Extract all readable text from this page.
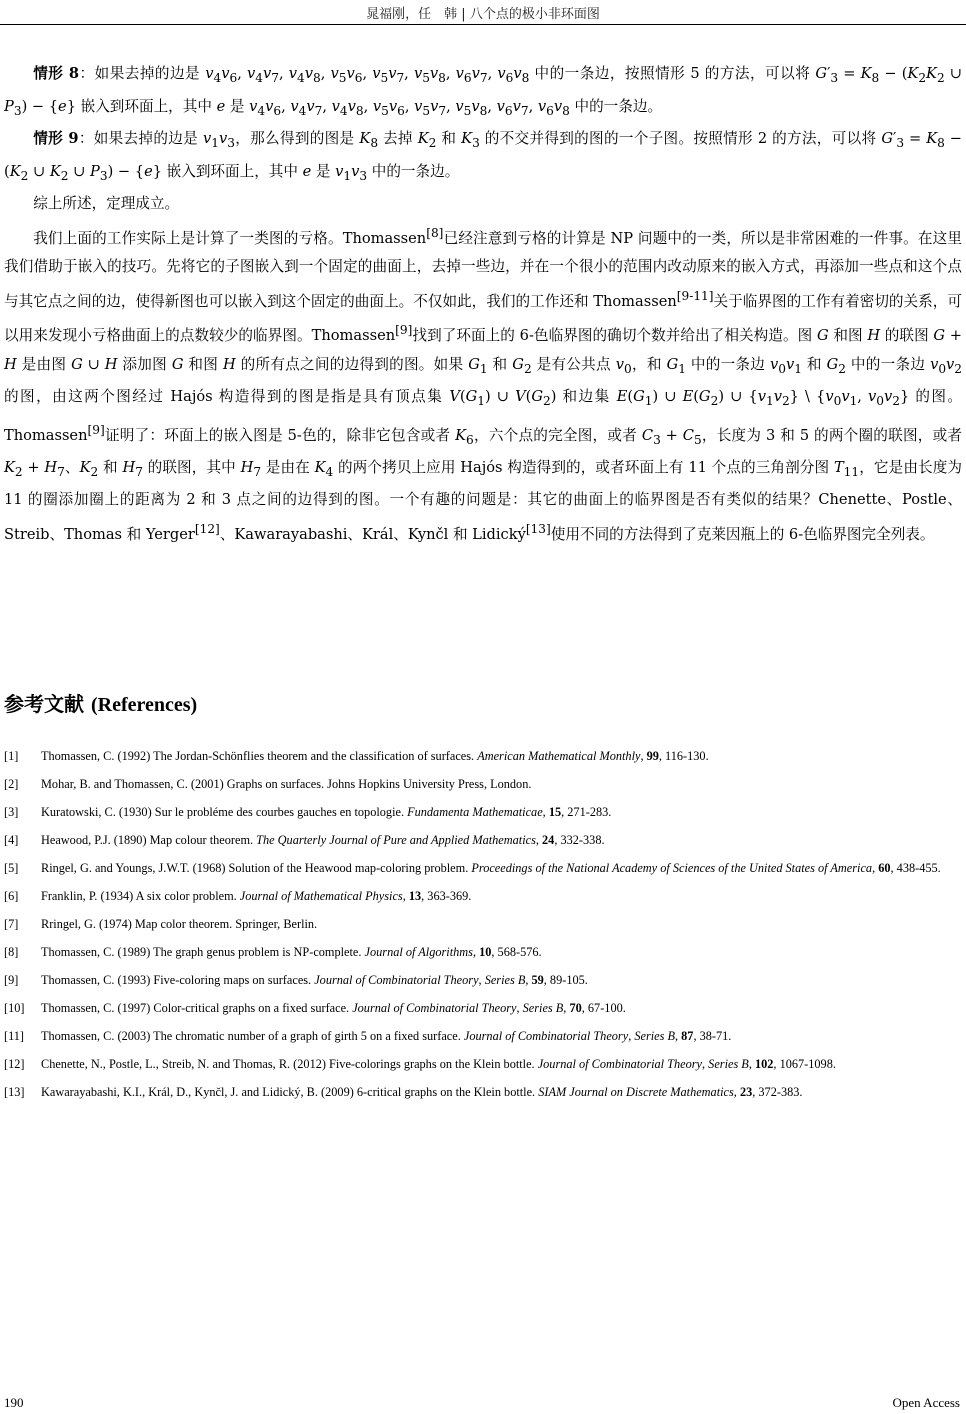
晁福刚，任　韩 | 八个点的极小非环面图

情形 8：如果去掉的边是 $v_4v_6$, $v_4v_7$, $v_4v_8$, $v_5v_6$, $v_5v_7$, $v_5v_8$, $v_6v_7$, $v_6v_8$ 中的一条边，按照情形 5 的方法，可以将 $G'_3 = K_8 - (K_2K_2$ ∪ $P_3) - \{e\}$ 嵌入到环面上，其中 e 是 $v_4v_6$, $v_4v_7$, $v_4v_8$, $v_5v_6$, $v_5v_7$, $v_5v_8$, $v_6v_7$, $v_6v_8$ 中的一条边。

情形 9：如果去掉的边是 $v_1v_3$，那么得到的图是 $K_8$ 去掉 $K_2$ 和 $K_3$ 的不交并得到的图的一个子图。按照情形 2 的方法，可以将 $G'_3 = K_8 - (K_2$ ∪ $K_2$ ∪ $P_3) - \{e\}$ 嵌入到环面上，其中 e 是 $v_1v_3$ 中的一条边。

综上所述，定理成立。

我们上面的工作实际上是计算了一类图的亏格。Thomassen[8]已经注意到亏格的计算是 NP 问题中的一类，所以是非常困难的一件事。在这里我们借助于嵌入的技巧。先将它的子图嵌入到一个固定的曲面上，去掉一些边，并在一个很小的范围内改动原来的嵌入方式，再添加一些点和这个点与其它点之间的边，使得新图也可以嵌入到这个固定的曲面上。不仅如此，我们的工作还和 Thomassen[9-11]关于临界图的工作有着密切的关系，可以用来发现小亏格曲面上的点数较少的临界图。Thomassen[9]找到了环面上的 6-色临界图的确切个数并给出了相关构造。图 G 和图 H 的联图 G + H 是由图 G ∪ H 添加图 G 和图 H 的所有点之间的边得到的图。如果 $G_1$ 和 $G_2$ 是有公共点 $v_0$，和 $G_1$ 中的一条边 $v_0v_1$ 和 $G_2$ 中的一条边 $v_0v_2$ 的图，由这两个图经过 Hajós 构造得到的图是指是具有顶点集 $V(G_1)$ ∪ $V(G_2)$ 和边集 $E(G_1)$ ∪ $E(G_2)$ ∪ $\{v_1v_2\}$ \ {$v_0v_1$, $v_0v_2$} 的图。Thomassen[9]证明了：环面上的嵌入图是 5-色的，除非它包含或者 $K_6$，六个点的完全图，或者 $C_3 + C_5$，长度为 3 和 5 的两个圈的联图，或者 $K_2 + H_7$、$K_2$ 和 $H_7$ 的联图，其中 $H_7$ 是由在 $K_4$ 的两个拷贝上应用 Hajós 构造得到的，或者环面上有 11 个点的三角剖分图 $T_{11}$，它是由长度为 11 的圈添加圈上的距离为 2 和 3 点之间的边得到的图。一个有趣的问题是：其它的曲面上的临界图是否有类似的结果？Chenette、Postle、Streib、Thomas 和 Yerger[12]、Kawarayabashi、Král、Kynčl 和 Lidický[13]使用不同的方法得到了克莱因瓶上的 6-色临界图完全列表。

参考文献 (References)
[1] Thomassen, C. (1992) The Jordan-Schönflies theorem and the classification of surfaces. American Mathematical Monthly, 99, 116-130.
[2] Mohar, B. and Thomassen, C. (2001) Graphs on surfaces. Johns Hopkins University Press, London.
[3] Kuratowski, C. (1930) Sur le probléme des courbes gauches en topologie. Fundamenta Mathematicae, 15, 271-283.
[4] Heawood, P.J. (1890) Map colour theorem. The Quarterly Journal of Pure and Applied Mathematics, 24, 332-338.
[5] Ringel, G. and Youngs, J.W.T. (1968) Solution of the Heawood map-coloring problem. Proceedings of the National Academy of Sciences of the United States of America, 60, 438-455.
[6] Franklin, P. (1934) A six color problem. Journal of Mathematical Physics, 13, 363-369.
[7] Rringel, G. (1974) Map color theorem. Springer, Berlin.
[8] Thomassen, C. (1989) The graph genus problem is NP-complete. Journal of Algorithms, 10, 568-576.
[9] Thomassen, C. (1993) Five-coloring maps on surfaces. Journal of Combinatorial Theory, Series B, 59, 89-105.
[10] Thomassen, C. (1997) Color-critical graphs on a fixed surface. Journal of Combinatorial Theory, Series B, 70, 67-100.
[11] Thomassen, C. (2003) The chromatic number of a graph of girth 5 on a fixed surface. Journal of Combinatorial Theory, Series B, 87, 38-71.
[12] Chenette, N., Postle, L., Streib, N. and Thomas, R. (2012) Five-colorings graphs on the Klein bottle. Journal of Combinatorial Theory, Series B, 102, 1067-1098.
[13] Kawarayabashi, K.I., Král, D., Kynčl, J. and Lidický, B. (2009) 6-critical graphs on the Klein bottle. SIAM Journal on Discrete Mathematics, 23, 372-383.
190	Open Access
